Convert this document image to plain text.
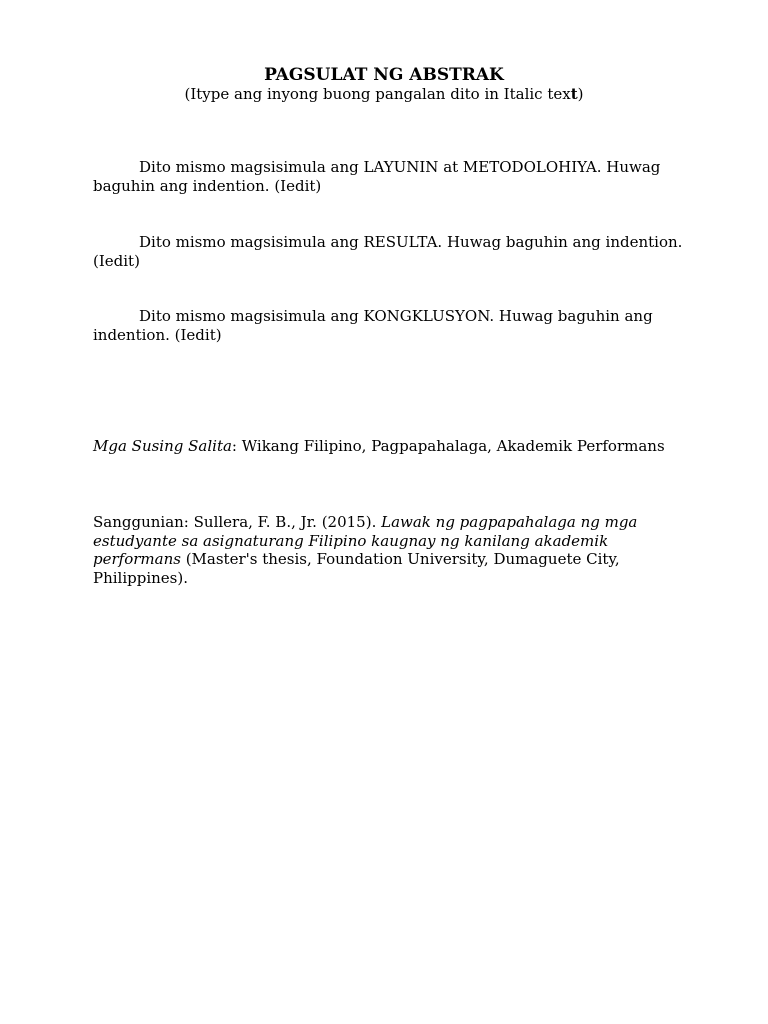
PAGSULAT NG ABSTRAK
(Itype ang inyong buong pangalan dito in Italic text)

Dito mismo magsisimula ang LAYUNIN at METODOLOHIYA. Huwag baguhin ang indention. (Iedit)

Dito mismo magsisimula ang RESULTA. Huwag baguhin ang indention. (Iedit)

Dito mismo magsisimula ang KONGKLUSYON. Huwag baguhin ang indention. (Iedit)

Mga Susing Salita: Wikang Filipino, Pagpapahalaga, Akademik Performans

Sanggunian: Sullera, F. B., Jr. (2015). Lawak ng pagpapahalaga ng mga estudyante sa asignaturang Filipino kaugnay ng kanilang akademik performans (Master's thesis, Foundation University, Dumaguete City, Philippines).
